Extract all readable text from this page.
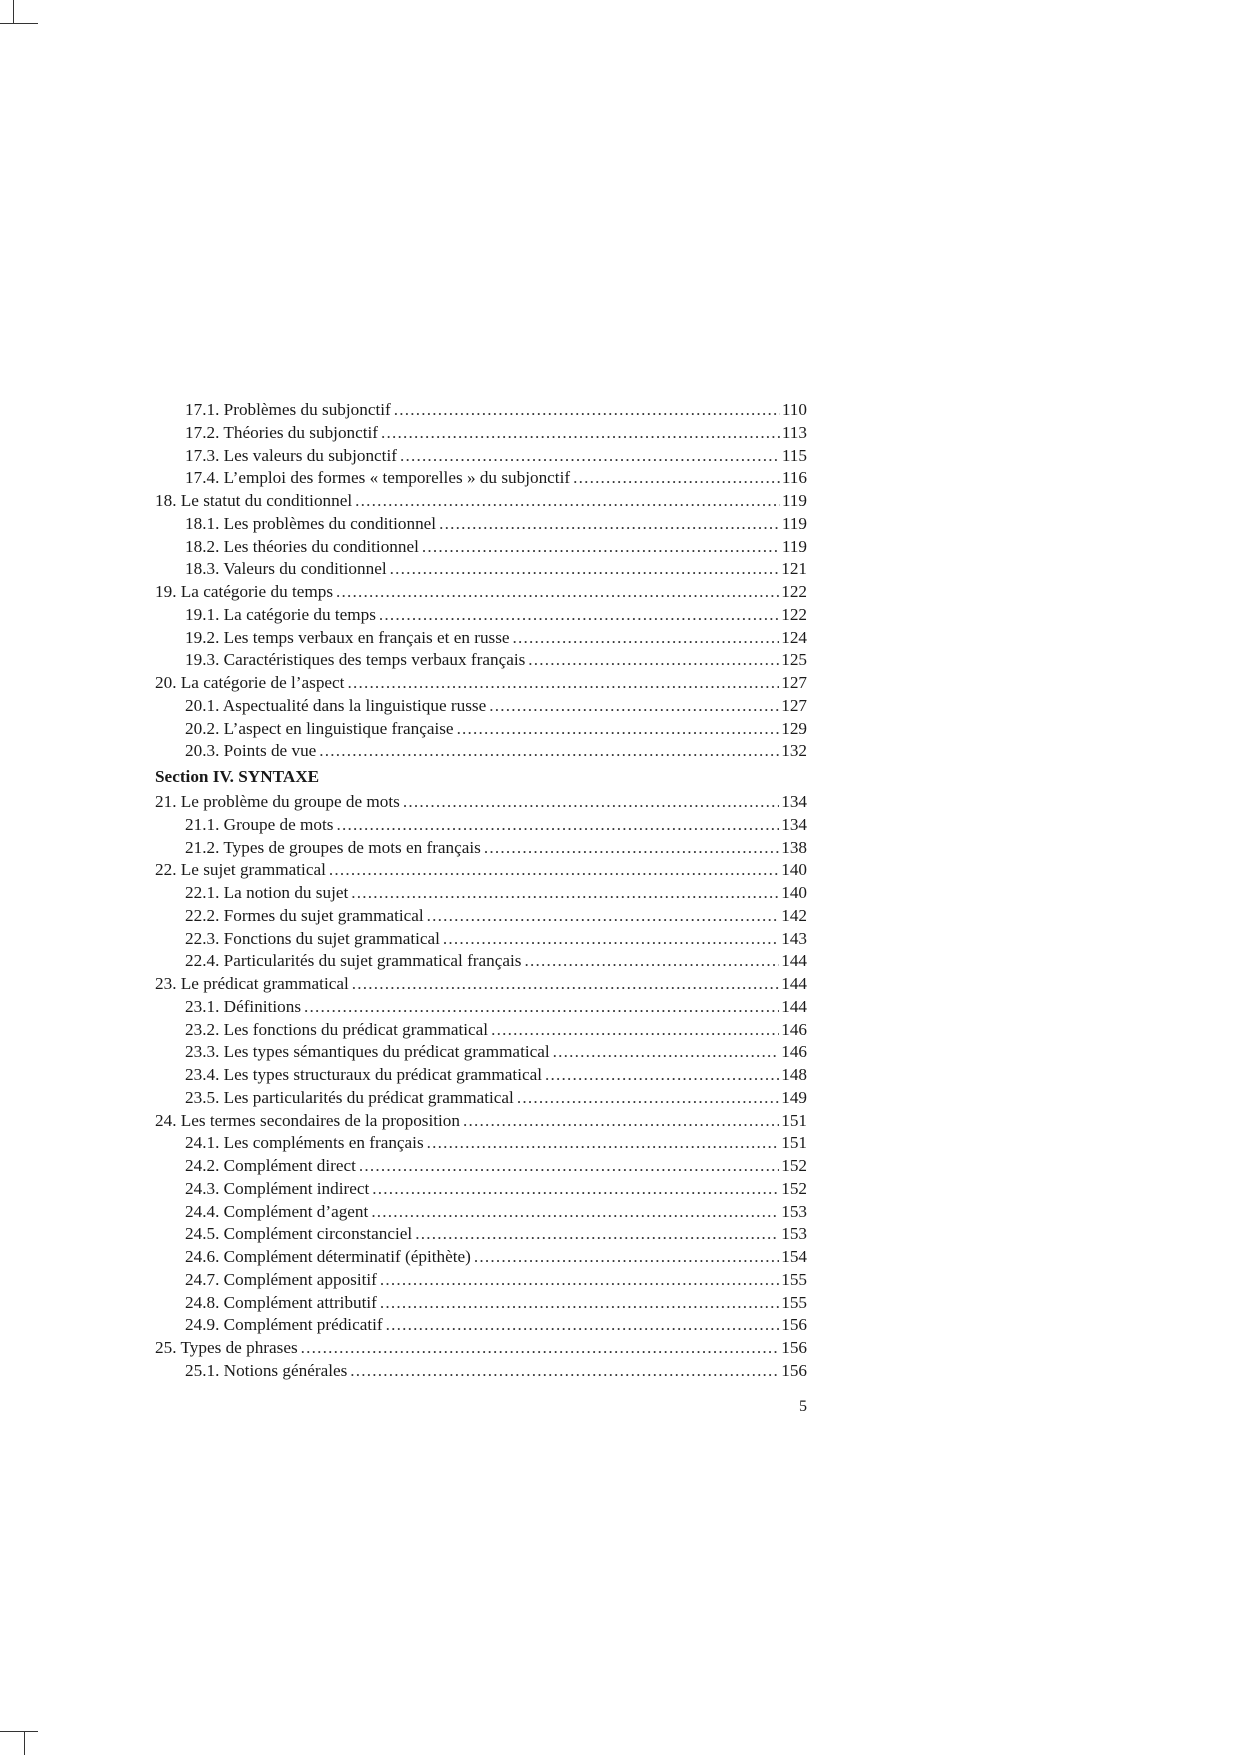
17.1. Problèmes du subjonctif .....	110
17.2. Théories du subjonctif .....	113
17.3. Les valeurs du subjonctif .....	115
17.4. L’emploi des formes « temporelles » du subjonctif .....	116
18. Le statut du conditionnel .....	119
18.1. Les problèmes du conditionnel .....	119
18.2. Les théories du conditionnel .....	119
18.3. Valeurs du conditionnel .....	121
19. La catégorie du temps .....	122
19.1. La catégorie du temps .....	122
19.2. Les temps verbaux en français et en russe .....	124
19.3. Caractéristiques des temps verbaux français .....	125
20. La catégorie de l’aspect .....	127
20.1. Aspectualité dans la linguistique russe .....	127
20.2. L’aspect en linguistique française .....	129
20.3. Points de vue .....	132
Section IV. SYNTAXE
21. Le problème du groupe de mots .....	134
21.1. Groupe de mots .....	134
21.2. Types de groupes de mots en français .....	138
22. Le sujet grammatical .....	140
22.1. La notion du sujet .....	140
22.2. Formes du sujet grammatical .....	142
22.3. Fonctions du sujet grammatical .....	143
22.4. Particularités du sujet grammatical français .....	144
23. Le prédicat grammatical .....	144
23.1. Définitions .....	144
23.2. Les fonctions du prédicat grammatical .....	146
23.3. Les types sémantiques du prédicat grammatical .....	146
23.4. Les types structuraux du prédicat grammatical .....	148
23.5. Les particularités du prédicat grammatical .....	149
24. Les termes secondaires de la proposition .....	151
24.1. Les compléments en français .....	151
24.2. Complément direct .....	152
24.3. Complément indirect .....	152
24.4. Complément d’agent .....	153
24.5. Complément circonstanciel .....	153
24.6. Complément déterminatif (épithète) .....	154
24.7. Complément appositif .....	155
24.8. Complément attributif .....	155
24.9. Complément prédicatif .....	156
25. Types de phrases .....	156
25.1. Notions générales .....	156
5
